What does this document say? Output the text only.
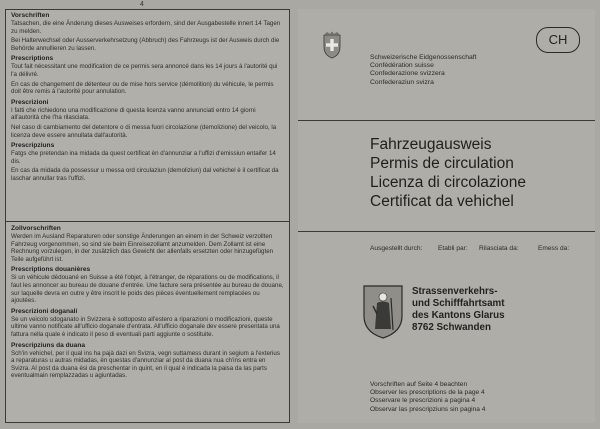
4
Vorschriften
Tatsachen, die eine Änderung dieses Ausweises erfordern, sind der Ausgabestelle innert 14 Tagen zu melden.
Bei Halterwechsel oder Ausserverkehrsetzung (Abbruch) des Fahrzeugs ist der Ausweis durch die Behörde annullieren zu lassen.
Prescriptions
Tout fait nécessitant une modification de ce permis sera annoncé dans les 14 jours à l'autorité qui l'a délivré.
En cas de changement de détenteur ou de mise hors service (démolition) du véhicule, le permis doit être remis à l'autorité pour annulation.
Prescrizioni
I fatti che richiedono una modificazione di questa licenza vanno annunciati entro 14 giorni all'autorità che l'ha rilasciata.
Nel caso di cambiamento del detentore o di messa fuori circolazione (demolizione) del veicolo, la licenza deve essere annullata dall'autorità.
Prescripziuns
Fatgs che pretendan ina midada da quest certificat èn d'annunziar a l'uffizi d'emissiun entaifer 14 dis.
En cas da midada da possessur u messa ord circulaziun (demoliziun) dal vehichel è il certificat da laschar annullar tras l'uffizi.
Zollvorschriften
Werden im Ausland Reparaturen oder sonstige Änderungen an einem in der Schweiz verzollten Fahrzeug vorgenommen, so sind sie beim Einreisezollamt anzumelden. Dem Zollamt ist eine Rechnung vorzulegen, in der zusätzlich das Gewicht der allenfalls ersetzten oder hinzugefügten Teile aufgeführt ist.
Prescriptions douanières
Si un véhicule dédouané en Suisse a été l'objet, à l'étranger, de réparations ou de modifications, il faut les annoncer au bureau de douane d'entrée. Une facture sera présentée au bureau de douane, sur laquelle devra en outre y être inscrit le poids des pièces éventuellement remplacées ou ajoutées.
Prescrizioni doganali
Se un veicolo sdoganato in Svizzera è sottoposto all'estero a riparazioni o modificazioni, queste ultime vanno notificate all'ufficio doganale d'entrata. All'ufficio doganale dev essere presentata una fattura nella quale è indicato il peso di eventuali parti aggiunte o sostituite.
Prescripziuns da duana
Sch'in vehichel, per il qual ins ha pajà dazi en Svizra, vegn suttamess durant in segium a l'exterius a reparaturas u autras midadas, èn questas d'annunziar al post da duana nua ch'ins entra en Svizra. Al post da duana èsi da preschentar in quint, en il qual è indicada la paisa da las parts eventualmain remplazzadas u agiuntadas.
Schweizerische Eidgenossenschaft
Confédération suisse
Confederazione svizzera
Confederaziun svizra
CH
Fahrzeugausweis
Permis de circulation
Licenza di circolazione
Certificat da vehichel
Ausgestellt durch: Etabli par: Rilasciata da:	Emess da:
Strassenverkehrs-
und Schifffahrtsamt
des Kantons Glarus
8762 Schwanden
Vorschriften auf Seite 4 beachten
Observer les prescriptions de la page 4
Osservare le prescrizioni a pagina 4
Observar las prescripziuns sin pagina 4
